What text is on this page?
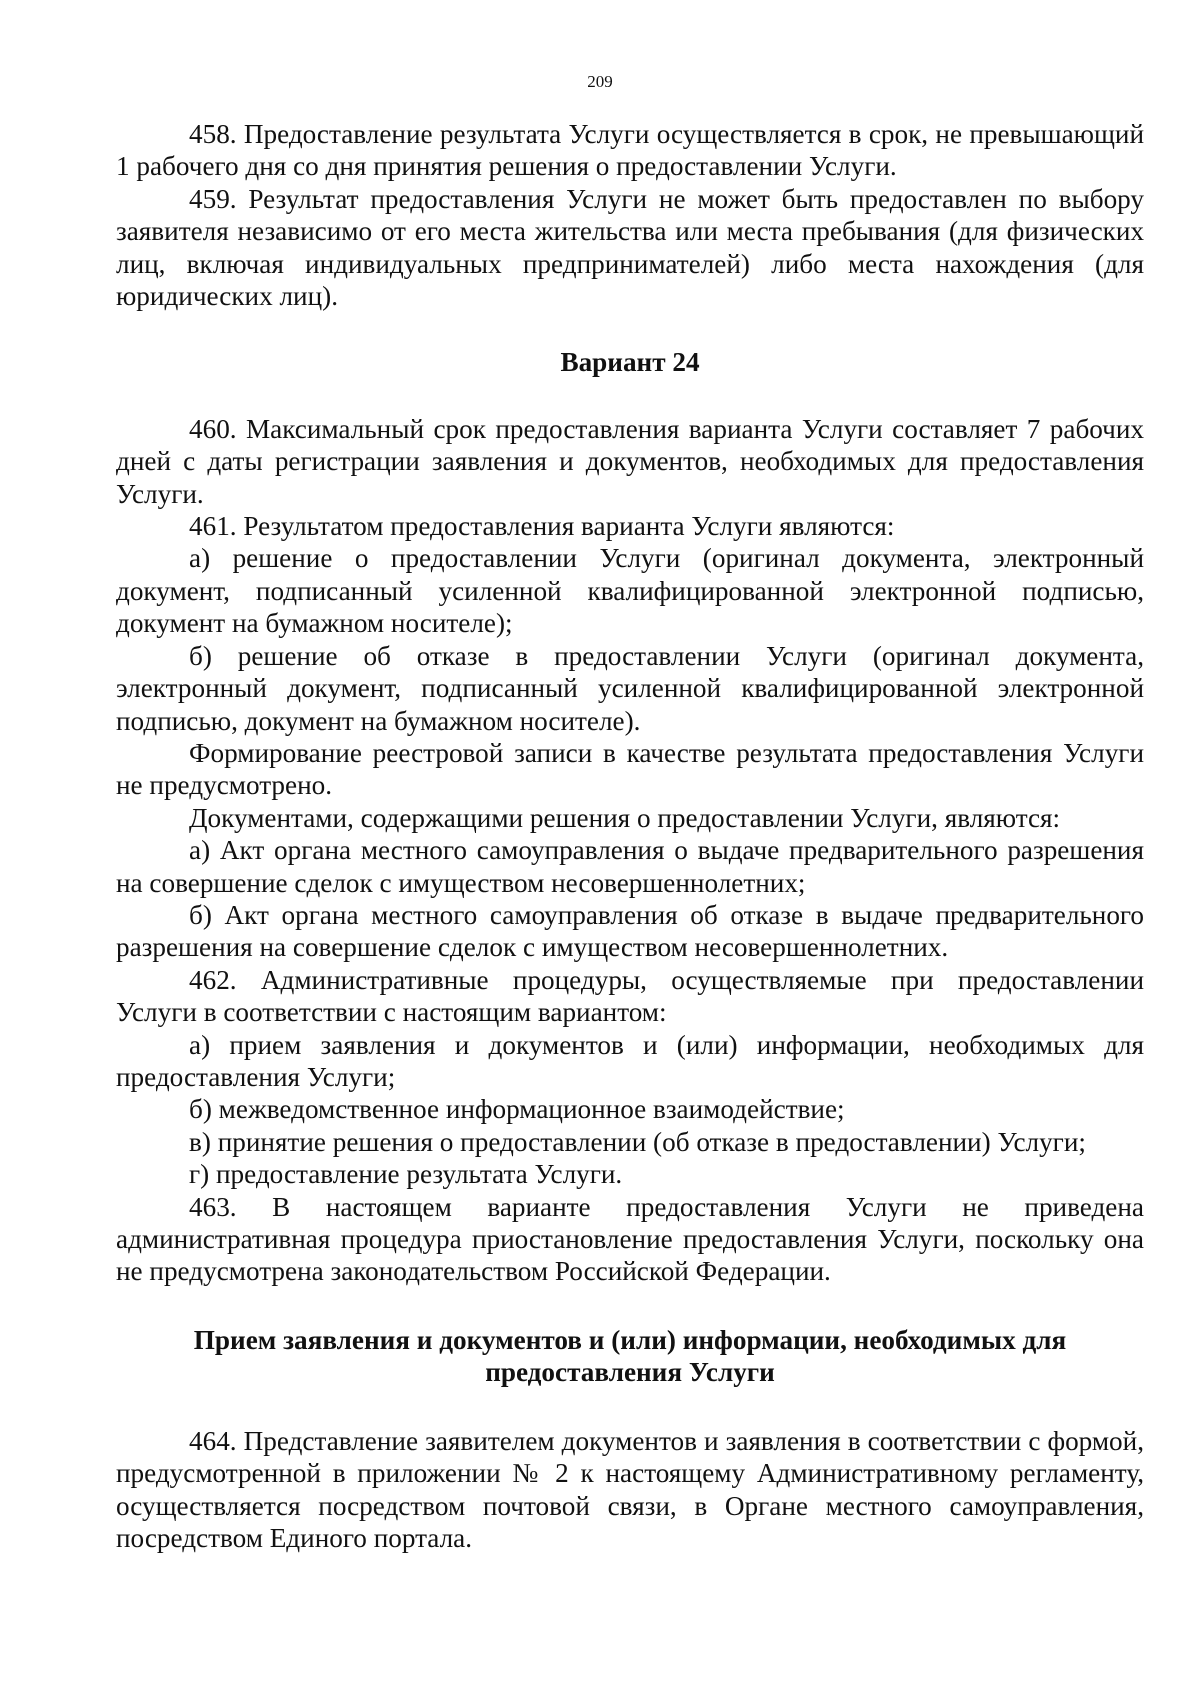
209

458. Предоставление результата Услуги осуществляется в срок, не превышающий 1 рабочего дня со дня принятия решения о предоставлении Услуги.

459. Результат предоставления Услуги не может быть предоставлен по выбору заявителя независимо от его места жительства или места пребывания (для физических лиц, включая индивидуальных предпринимателей) либо места нахождения (для юридических лиц).

Вариант 24

460. Максимальный срок предоставления варианта Услуги составляет 7 рабочих дней с даты регистрации заявления и документов, необходимых для предоставления Услуги.

461. Результатом предоставления варианта Услуги являются:

а) решение о предоставлении Услуги (оригинал документа, электронный документ, подписанный усиленной квалифицированной электронной подписью, документ на бумажном носителе);

б) решение об отказе в предоставлении Услуги (оригинал документа, электронный документ, подписанный усиленной квалифицированной электронной подписью, документ на бумажном носителе).

Формирование реестровой записи в качестве результата предоставления Услуги не предусмотрено.

Документами, содержащими решения о предоставлении Услуги, являются:

а) Акт органа местного самоуправления о выдаче предварительного разрешения на совершение сделок с имуществом несовершеннолетних;

б) Акт органа местного самоуправления об отказе в выдаче предварительного разрешения на совершение сделок с имуществом несовершеннолетних.

462. Административные процедуры, осуществляемые при предоставлении Услуги в соответствии с настоящим вариантом:

а) прием заявления и документов и (или) информации, необходимых для предоставления Услуги;

б) межведомственное информационное взаимодействие;

в) принятие решения о предоставлении (об отказе в предоставлении) Услуги;

г) предоставление результата Услуги.

463. В настоящем варианте предоставления Услуги не приведена административная процедура приостановление предоставления Услуги, поскольку она не предусмотрена законодательством Российской Федерации.

Прием заявления и документов и (или) информации, необходимых для
предоставления Услуги

464. Представление заявителем документов и заявления в соответствии с формой, предусмотренной в приложении № 2 к настоящему Административному регламенту, осуществляется посредством почтовой связи, в Органе местного самоуправления, посредством Единого портала.
